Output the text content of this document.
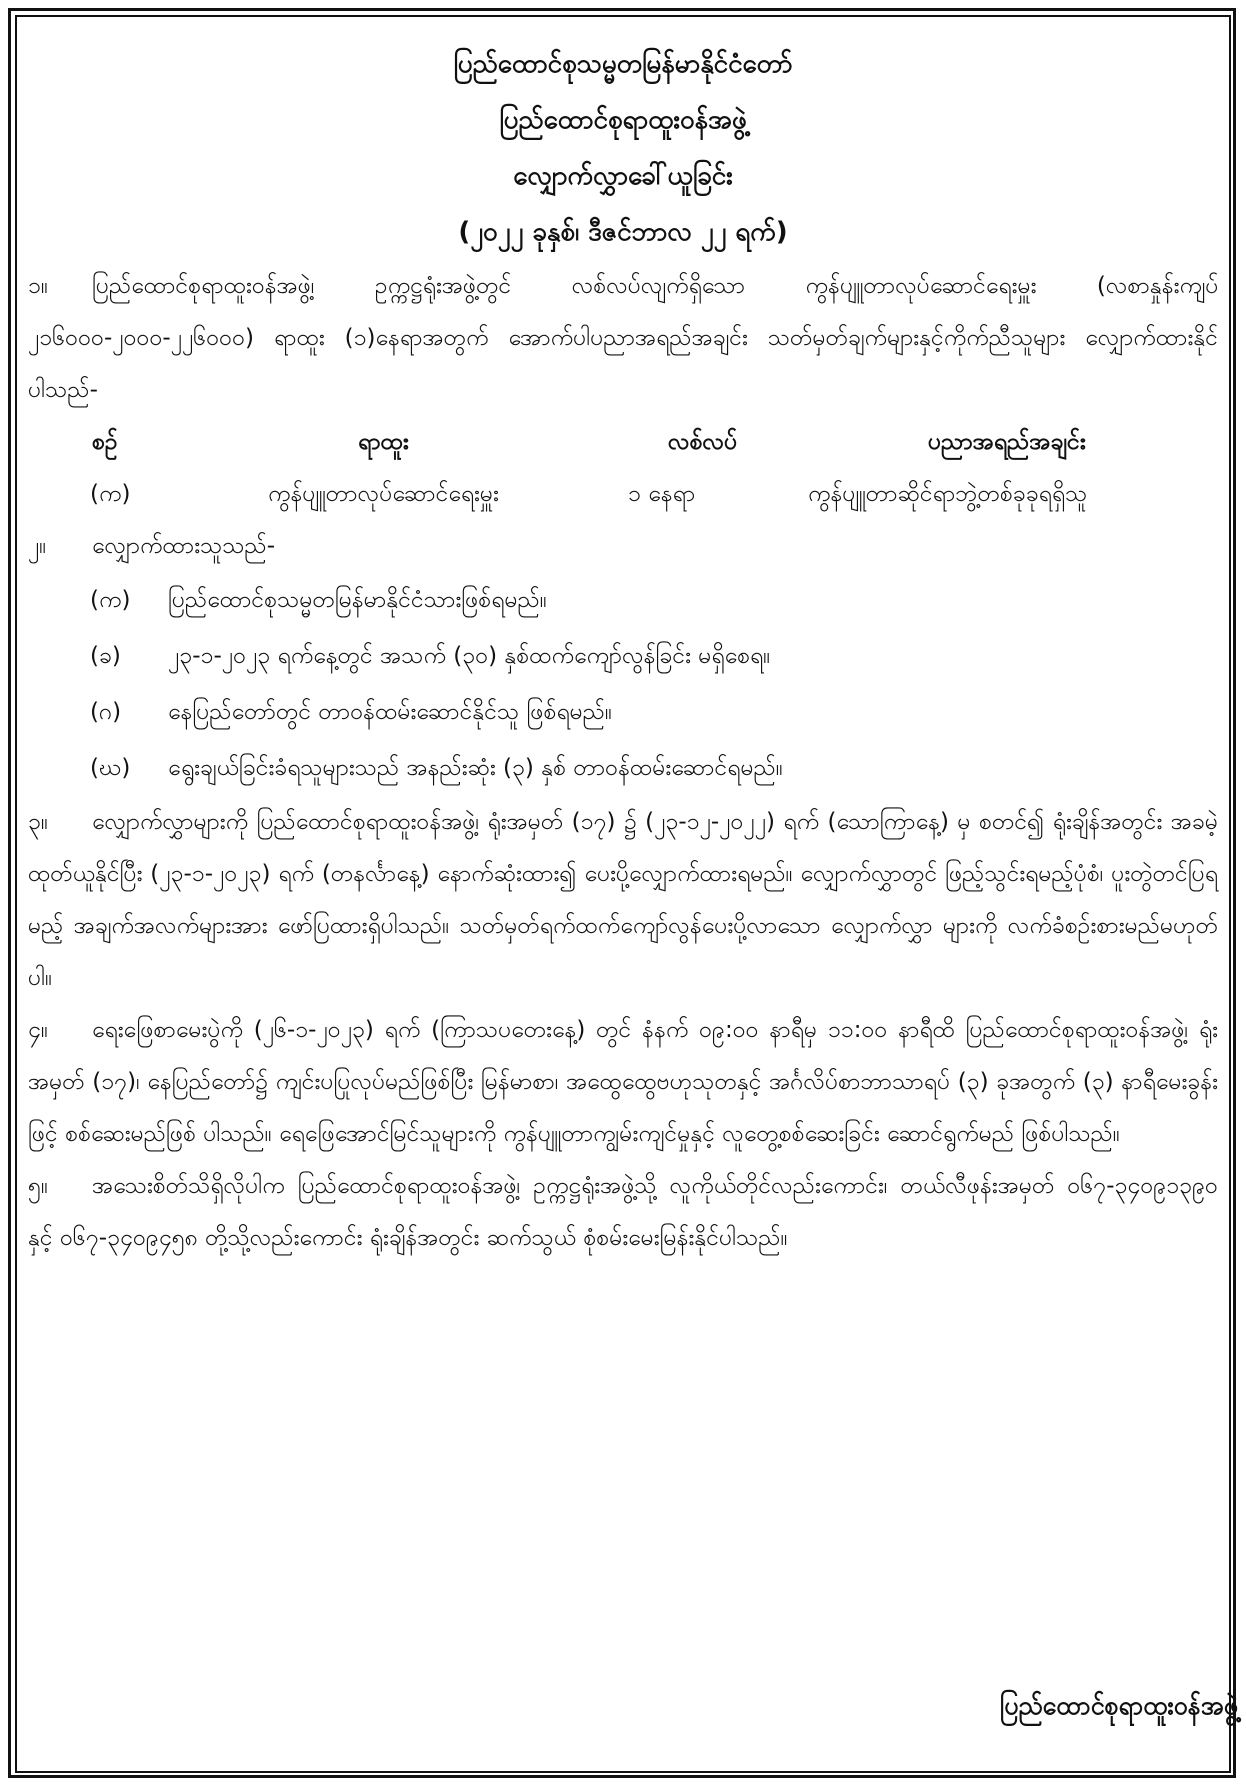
ပြည်ထောင်စုသမ္မတမြန်မာနိုင်ငံတော်
ပြည်ထောင်စုရာထူးဝန်အဖွဲ့
လျှောက်လွှာခေါ်ယူခြင်း
(၂၀၂၂ ခုနှစ်၊ ဒီဇင်ဘာလ ၂၂ ရက်)
၁။ ပြည်ထောင်စုရာထူးဝန်အဖွဲ့၊ ဥက္ကဋ္ဌရုံးအဖွဲ့တွင် လစ်လပ်လျက်ရှိသော ကွန်ပျူတာလုပ်ဆောင်ရေးမှူး (လစာနှုန်းကျပ် ၂၁၆၀၀၀-၂၀၀၀-၂၂၆၀၀၀) ရာထူး (၁)နေရာအတွက် အောက်ပါပညာအရည်အချင်း သတ်မှတ်ချက်များနှင့်ကိုက်ညီသူများ လျှောက်ထားနိုင်ပါသည်-
စဉ်	ရာထူး	လစ်လပ်	ပညာအရည်အချင်း
(က)	ကွန်ပျူတာလုပ်ဆောင်ရေးမှူး	၁ နေရာ	ကွန်ပျူတာဆိုင်ရာဘွဲ့တစ်ခုခုရရှိသူ
၂။ လျှောက်ထားသူသည်-
(က) ပြည်ထောင်စုသမ္မတမြန်မာနိုင်ငံသားဖြစ်ရမည်။
(ခ) ၂၃-၁-၂၀၂၃ ရက်နေ့တွင် အသက် (၃၀) နှစ်ထက်ကျော်လွန်ခြင်း မရှိစေရ။
(ဂ) နေပြည်တော်တွင် တာဝန်ထမ်းဆောင်နိုင်သူ ဖြစ်ရမည်။
(ဃ) ရွေးချယ်ခြင်းခံရသူများသည် အနည်းဆုံး (၃) နှစ် တာဝန်ထမ်းဆောင်ရမည်။
၃။ လျှောက်လွှာများကို ပြည်ထောင်စုရာထူးဝန်အဖွဲ့၊ ရုံးအမှတ် (၁၇) ၌ (၂၃-၁၂-၂၀၂၂) ရက် (သောကြာနေ့) မှ စတင်၍ ရုံးချိန်အတွင်း အခမဲ့ထုတ်ယူနိုင်ပြီး (၂၃-၁-၂၀၂၃) ရက် (တနင်္လာနေ့) နောက်ဆုံးထား၍ ပေးပို့လျှောက်ထားရမည်။ လျှောက်လွှာတွင် ဖြည့်သွင်းရမည့်ပုံစံ၊ ပူးတွဲတင်ပြရမည့် အချက်အလက်များအား ဖော်ပြထားရှိပါသည်။ သတ်မှတ်ရက်ထက်ကျော်လွန်ပေးပို့လာသော လျှောက်လွှာ များကို လက်ခံစဉ်းစားမည်မဟုတ်ပါ။
၄။ ရေးဖြေစာမေးပွဲကို (၂၆-၁-၂၀၂၃) ရက် (ကြာသပတေးနေ့) တွင် နံနက် ၀၉:၀၀ နာရီမှ ၁၁:၀၀ နာရီထိ ပြည်ထောင်စုရာထူးဝန်အဖွဲ့၊ ရုံးအမှတ် (၁၇)၊ နေပြည်တော်၌ ကျင်းပပြုလုပ်မည်ဖြစ်ပြီး မြန်မာစာ၊ အထွေထွေဗဟုသုတနှင့် အင်္ဂလိပ်စာဘာသာရပ် (၃) ခုအတွက် (၃) နာရီမေးခွန်းဖြင့် စစ်ဆေးမည်ဖြစ် ပါသည်။ ရေဖြေအောင်မြင်သူများကို ကွန်ပျူတာကျွမ်းကျင်မှုနှင့် လူတွေ့စစ်ဆေးခြင်း ဆောင်ရွက်မည် ဖြစ်ပါသည်။
၅။ အသေးစိတ်သိရှိလိုပါက ပြည်ထောင်စုရာထူးဝန်အဖွဲ့၊ ဥက္ကဋ္ဌရုံးအဖွဲ့သို့ လူကိုယ်တိုင်လည်းကောင်း၊ တယ်လီဖုန်းအမှတ် ၀၆၇-၃၄၀၉၁၃၉၀ နှင့် ၀၆၇-၃၄၀၉၄၅၈ တို့သို့လည်းကောင်း ရုံးချိန်အတွင်း ဆက်သွယ် စုံစမ်းမေးမြန်းနိုင်ပါသည်။
ပြည်ထောင်စုရာထူးဝန်အဖွဲ့
